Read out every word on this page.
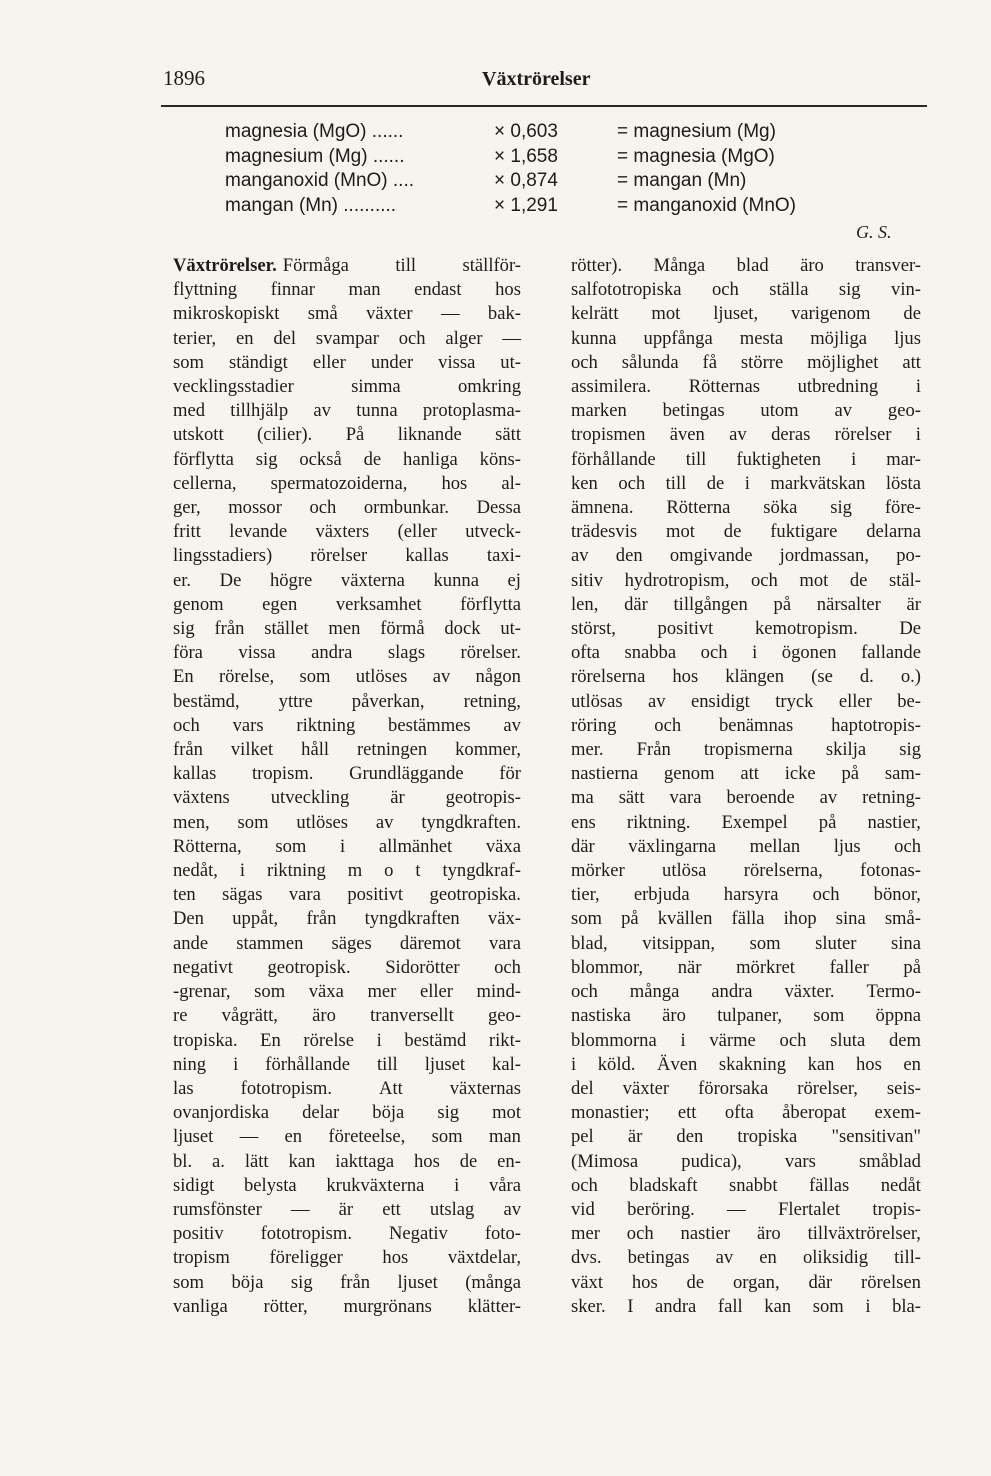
1896	Växtrörelser
magnesia (MgO) ......	× 0,603	= magnesium (Mg)
magnesium (Mg) ......	× 1,658	= magnesia (MgO)
manganoxid (MnO) ....	× 0,874	= mangan (Mn)
mangan (Mn) ..........	× 1,291	= manganoxid (MnO)
G. S.
Växtrörelser. Förmåga till ställför-
flyttning finnar man endast hos
mikroskopiskt små växter — bak-
terier, en del svampar och alger —
som ständigt eller under vissa ut-
vecklingsstadier	simma	omkring
med tillhjälp av tunna protoplasma-
utskott (cilier). På liknande sätt
förflytta sig också de hanliga köns-
cellerna, spermatozoiderna, hos al-
ger, mossor och ormbunkar. Dessa
fritt levande växters (eller utveck-
lingsstadiers) rörelser kallas taxi-
er. De högre växterna kunna ej
genom egen verksamhet förflytta
sig från stället men förmå dock ut-
föra vissa andra slags rörelser.
En rörelse, som utlöses av någon
bestämd, yttre påverkan, retning,
och vars riktning bestämmes av
från vilket håll retningen kommer,
kallas tropism. Grundläggande för
växtens utveckling är geotropis-
men, som utlöses av tyngdkraften.
Rötterna, som i allmänhet växa
nedåt, i riktning m o t tyngdkraf-
ten sägas vara positivt geotropiska.
Den uppåt, från tyngdkraften väx-
ande stammen säges däremot vara
negativt geotropisk. Sidorötter och
-grenar, som växa mer eller mind-
re vågrätt, äro tranversellt geo-
tropiska. En rörelse i bestämd rikt-
ning i förhållande till ljuset kal-
las	fototropism.	Att	växternas
ovanjordiska delar böja sig mot
ljuset — en företeelse, som man
bl. a. lätt kan iakttaga hos de en-
sidigt belysta krukväxterna i våra
rumsfönster — är ett utslag av
positiv fototropism. Negativ foto-
tropism föreligger hos växtdelar,
som böja sig från ljuset (många
vanliga rötter, murgrönans klätter-
rötter). Många blad äro transver-
salfototropiska och ställa sig vin-
kelrätt mot ljuset, varigenom de
kunna uppfånga mesta möjliga ljus
och sålunda få större möjlighet att
assimilera. Rötternas utbredning i
marken betingas utom av geo-
tropismen även av deras rörelser i
förhållande till fuktigheten i mar-
ken och till de i markvätskan lösta
ämnena. Rötterna söka sig före-
trädesvis mot de fuktigare delarna
av den omgivande jordmassan, po-
sitiv hydrotropism, och mot de stäl-
len, där tillgången på närsalter är
störst, positivt kemotropism. De
ofta snabba och i ögonen fallande
rörelserna hos klängen (se d. o.)
utlösas av ensidigt tryck eller be-
röring och benämnas haptotropis-
mer. Från tropismerna skilja sig
nastierna genom att icke på sam-
ma sätt vara beroende av retning-
ens riktning. Exempel på nastier,
där växlingarna mellan ljus och
mörker utlösa rörelserna, fotonas-
tier, erbjuda harsyra och bönor,
som på kvällen fälla ihop sina små-
blad, vitsippan, som sluter sina
blommor, när mörkret faller på
och många andra växter. Termo-
nastiska äro tulpaner, som öppna
blommorna i värme och sluta dem
i köld. Även skakning kan hos en
del växter förorsaka rörelser, seis-
monastier; ett ofta åberopat exem-
pel är den tropiska "sensitivan"
(Mimosa pudica), vars småblad
och bladskaft snabbt fällas nedåt
vid beröring. — Flertalet tropis-
mer och nastier äro tillväxtrörelser,
dvs. betingas av en oliksidig till-
växt hos de organ, där rörelsen
sker. I andra fall kan som i bla-
